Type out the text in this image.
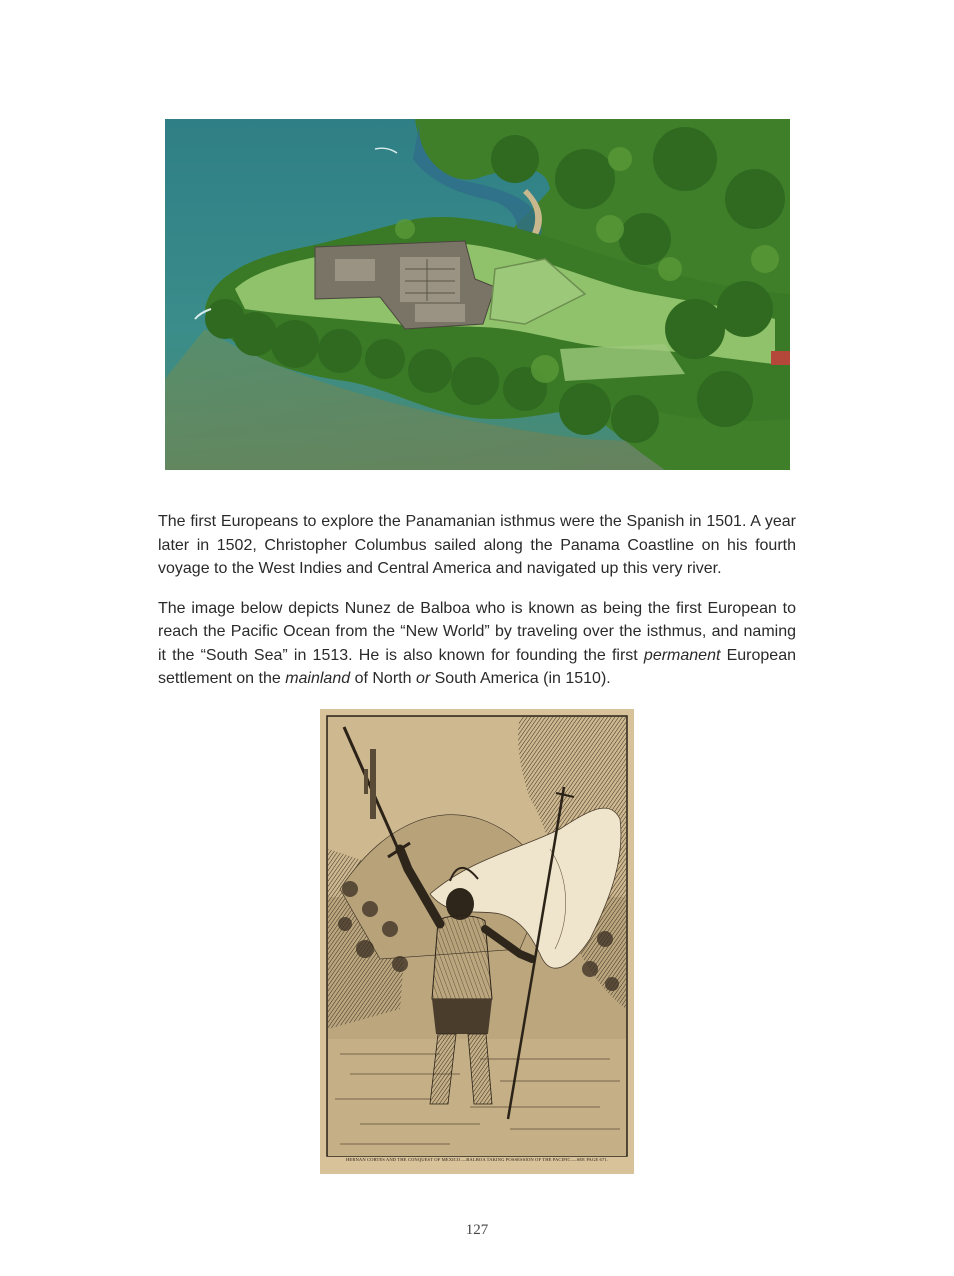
The first Europeans to explore the Panamanian isthmus were the Spanish in 1501. A year later in 1502, Christopher Columbus sailed along the Panama Coastline on his fourth voyage to the West Indies and Central America and navigated up this very river.

The image below depicts Nunez de Balboa who is known as being the first European to reach the Pacific Ocean from the “New World” by traveling over the isthmus, and naming it the “South Sea” in 1513. He is also known for founding the first permanent European settlement on the mainland of North or South America (in 1510).

HERNAN CORTES AND THE CONQUEST OF MEXICO.—BALBOA TAKING POSSESSION OF THE PACIFIC.—SEE PAGE 671.
127
